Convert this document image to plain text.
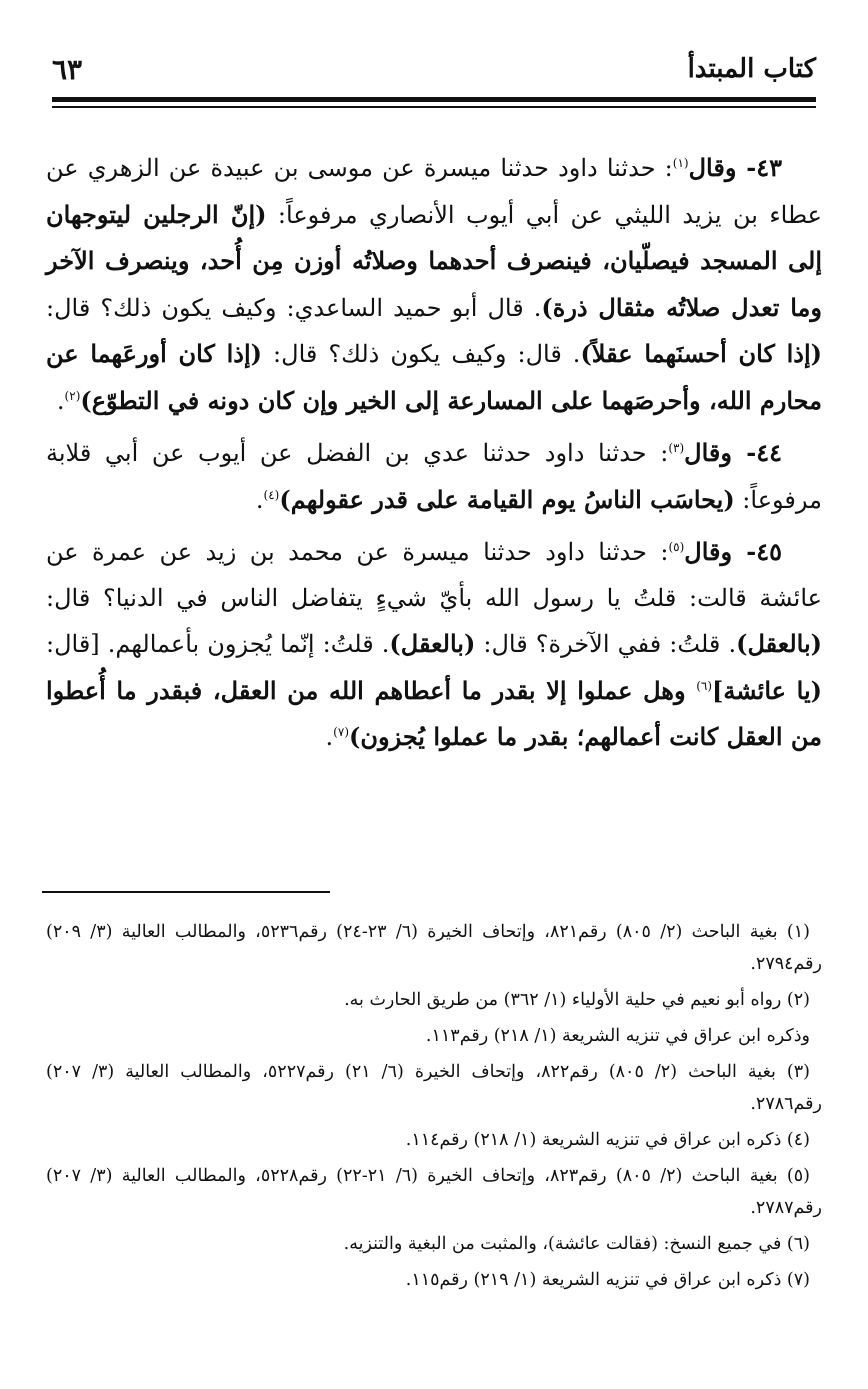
كتاب المبتدأ
٦٣

٤٣- وقال$^{(١)}$: حدثنا داود حدثنا ميسرة عن موسى بن عبيدة عن الزهري عن عطاء بن يزيد الليثي عن أبي أيوب الأنصاري مرفوعاً: (إنّ الرجلين ليتوجهان إلى المسجد فيصلّيان، فينصرف أحدهما وصلاتُه أوزن مِن أُحد، وينصرف الآخر وما تعدل صلاتُه مثقال ذرة). قال أبو حميد الساعدي: وكيف يكون ذلك؟ قال: (إذا كان أحسنَهما عقلاً). قال: وكيف يكون ذلك؟ قال: (إذا كان أورعَهما عن محارم الله، وأحرصَهما على المسارعة إلى الخير وإن كان دونه في التطوّع)$^{(٢)}$.

٤٤- وقال$^{(٣)}$: حدثنا داود حدثنا عدي بن الفضل عن أيوب عن أبي قلابة مرفوعاً: (يحاسَب الناسُ يوم القيامة على قدر عقولهم)$^{(٤)}$.

٤٥- وقال$^{(٥)}$: حدثنا داود حدثنا ميسرة عن محمد بن زيد عن عمرة عن عائشة قالت: قلتُ يا رسول الله بأيّ شيءٍ يتفاضل الناس في الدنيا؟ قال: (بالعقل). قلتُ: ففي الآخرة؟ قال: (بالعقل). قلتُ: إنّما يُجزون بأعمالهم. [قال: (يا عائشة]$^{(٦)}$ وهل عملوا إلا بقدر ما أعطاهم الله من العقل، فبقدر ما أُعطوا من العقل كانت أعمالهم؛ بقدر ما عملوا يُجزون)$^{(٧)}$.

(١) بغية الباحث (٢/ ٨٠٥) رقم٨٢١، وإتحاف الخيرة (٦/ ٢٣-٢٤) رقم٥٢٣٦، والمطالب العالية (٣/ ٢٠٩) رقم٢٧٩٤.

(٢) رواه أبو نعيم في حلية الأولياء (١/ ٣٦٢) من طريق الحارث به.

وذكره ابن عراق في تنزيه الشريعة (١/ ٢١٨) رقم١١٣.

(٣) بغية الباحث (٢/ ٨٠٥) رقم٨٢٢، وإتحاف الخيرة (٦/ ٢١) رقم٥٢٢٧، والمطالب العالية (٣/ ٢٠٧) رقم٢٧٨٦.

(٤) ذكره ابن عراق في تنزيه الشريعة (١/ ٢١٨) رقم١١٤.

(٥) بغية الباحث (٢/ ٨٠٥) رقم٨٢٣، وإتحاف الخيرة (٦/ ٢١-٢٢) رقم٥٢٢٨، والمطالب العالية (٣/ ٢٠٧) رقم٢٧٨٧.

(٦) في جميع النسخ: (فقالت عائشة)، والمثبت من البغية والتنزيه.

(٧) ذكره ابن عراق في تنزيه الشريعة (١/ ٢١٩) رقم١١٥.
